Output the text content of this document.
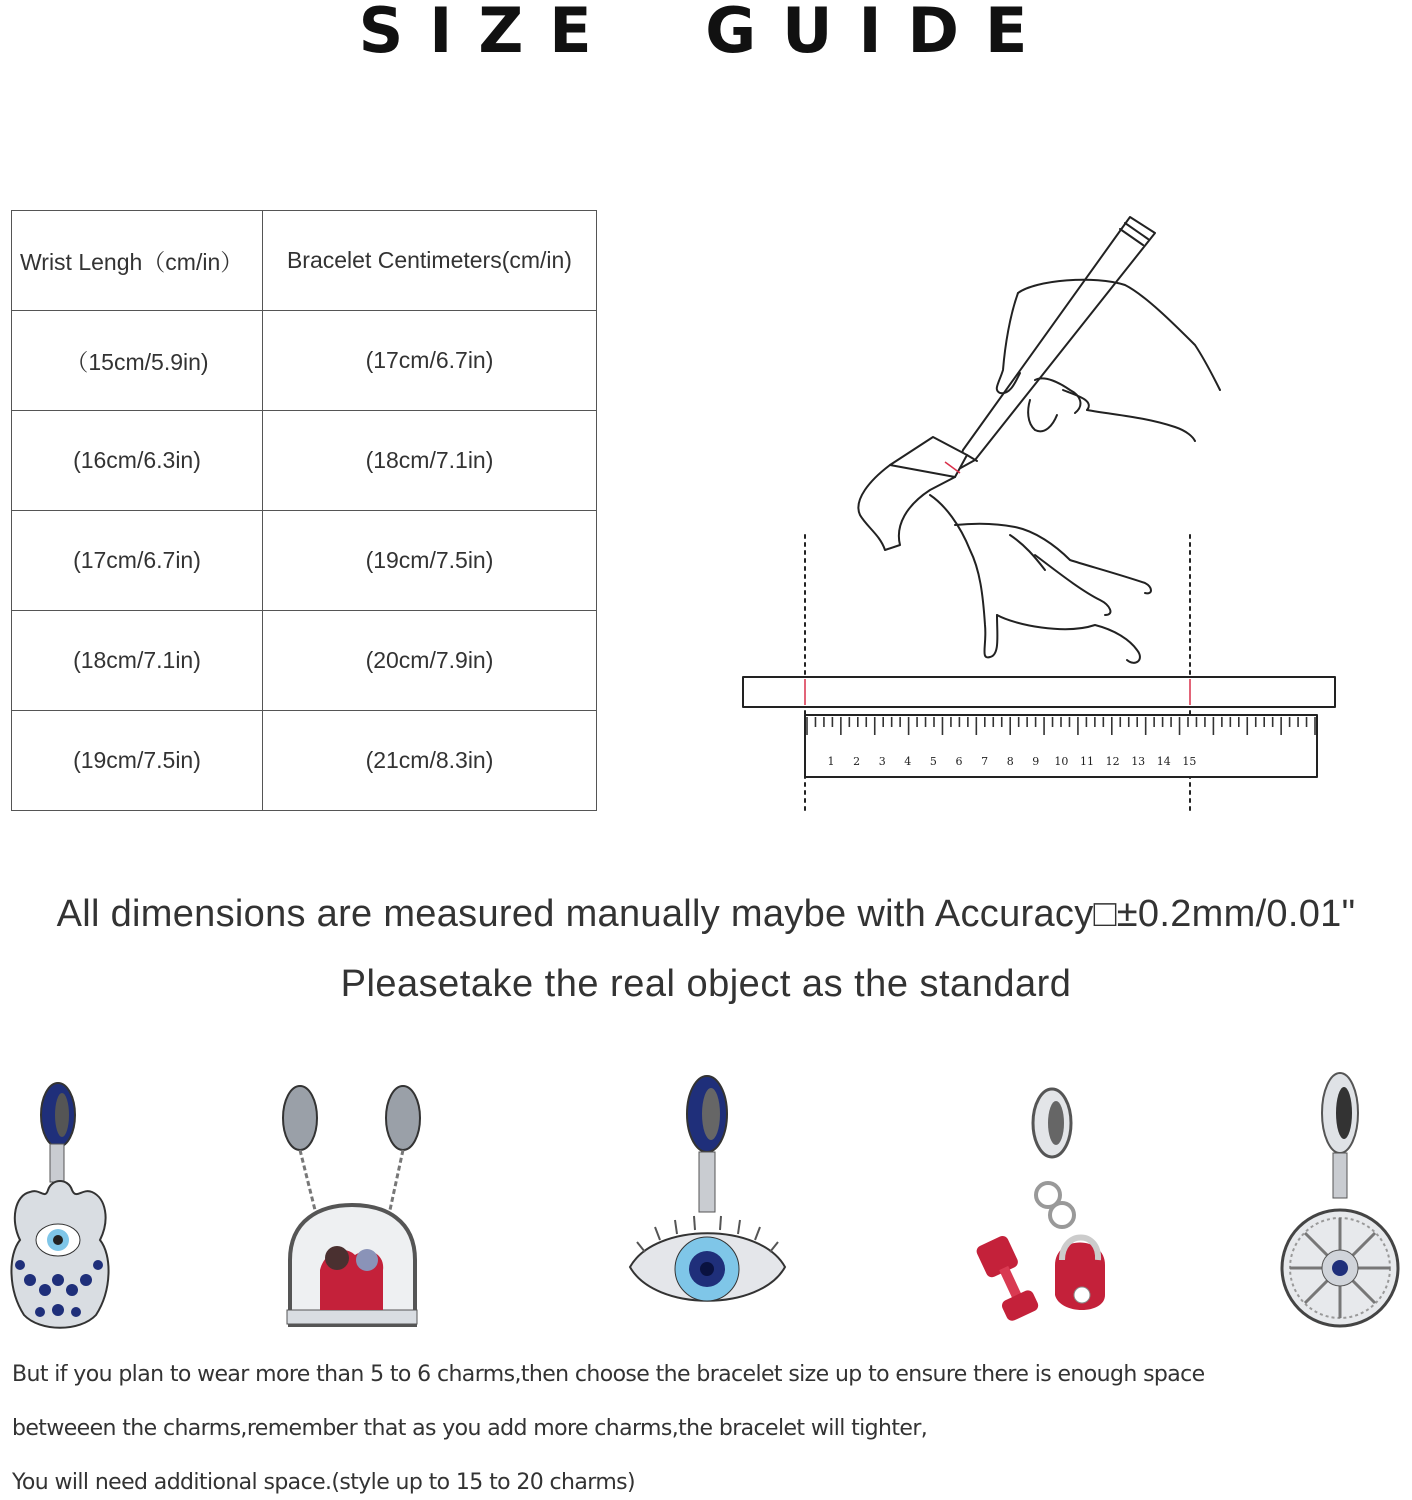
SIZE GUIDE
Wrist Lengh（cm/in）	Bracelet Centimeters(cm/in)
（15cm/5.9in)	(17cm/6.7in)
(16cm/6.3in)	(18cm/7.1in)
(17cm/6.7in)	(19cm/7.5in)
(18cm/7.1in)	(20cm/7.9in)
(19cm/7.5in)	(21cm/8.3in)	1 2 3 4 5 6 7 8 9 10 11 12 13 14 15
All dimensions are measured manually maybe with Accuracy□±0.2mm/0.01"
Pleasetake the real object as the standard
But if you plan to wear more than 5 to 6 charms,then choose the bracelet size up to ensure there is enough space
betweeen the charms,remember that as you add more charms,the bracelet will tighter,
You will need additional space.(style up to 15 to 20 charms)
